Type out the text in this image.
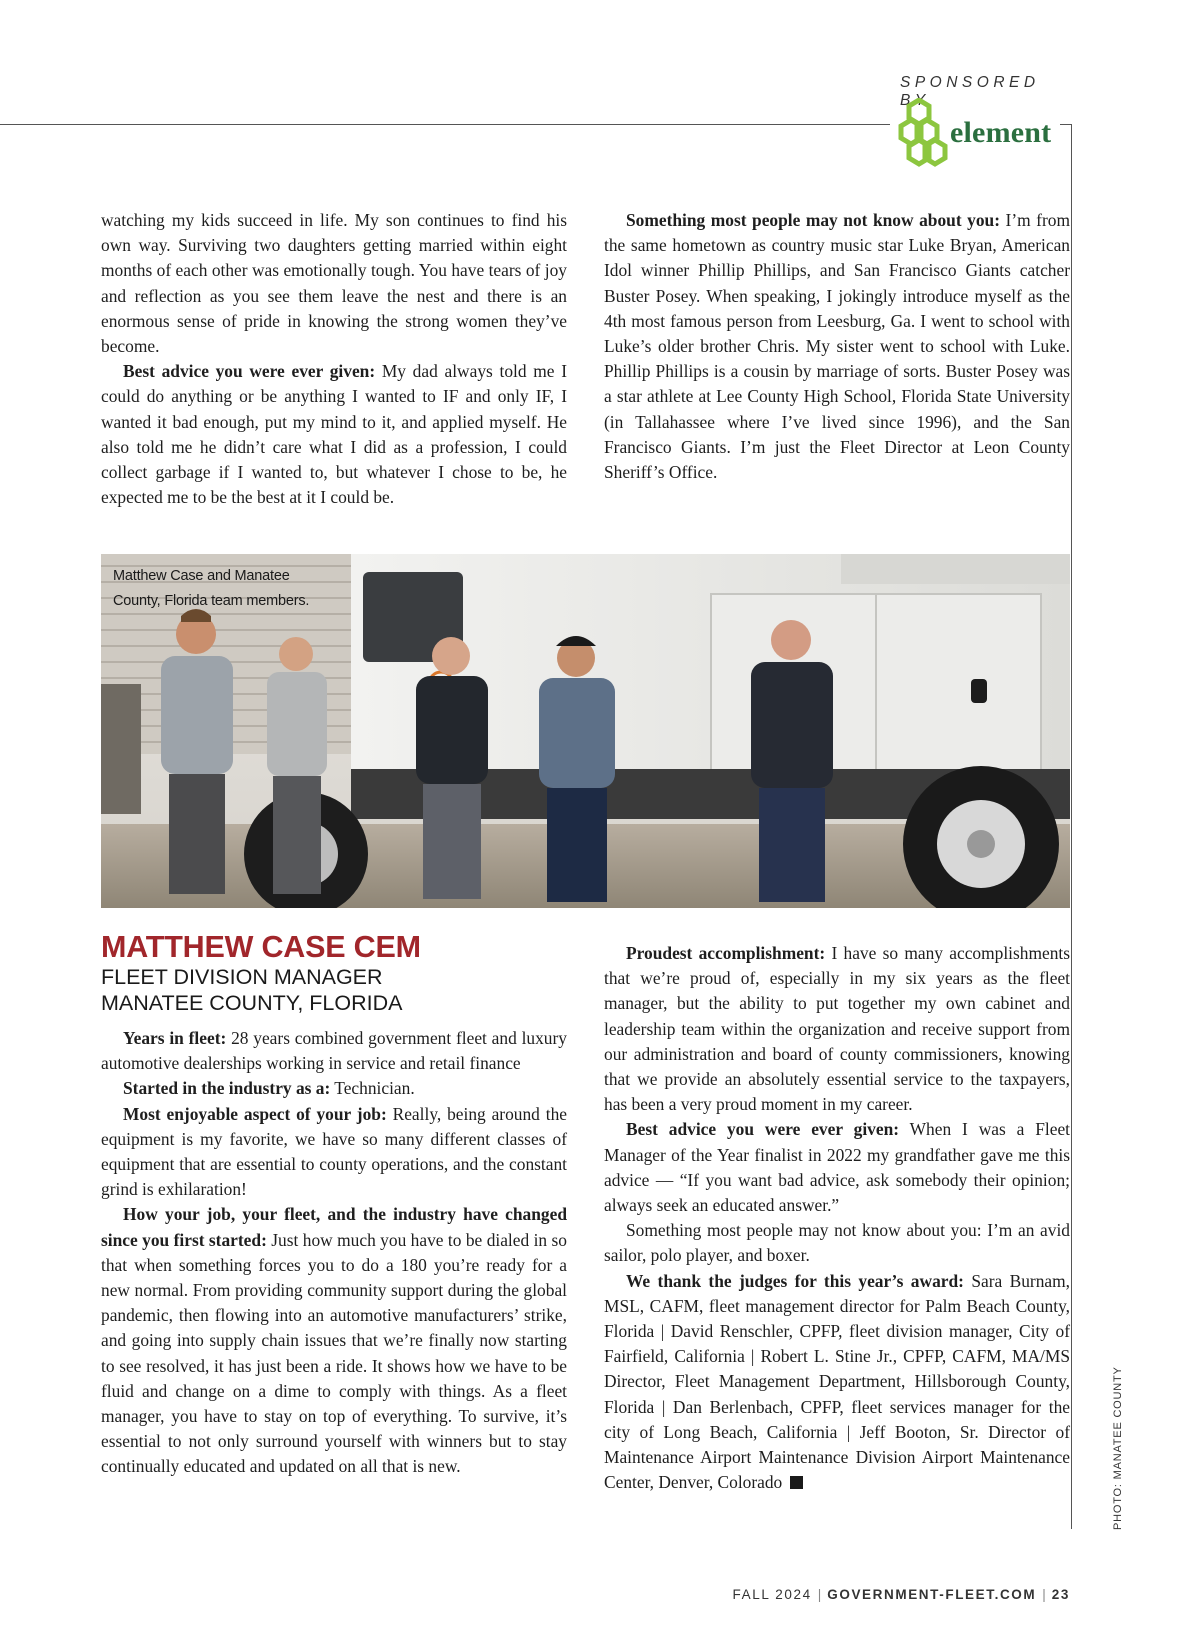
SPONSORED BY
element

watching my kids succeed in life. My son continues to find his own way. Surviving two daughters getting married within eight months of each other was emotionally tough. You have tears of joy and reflection as you see them leave the nest and there is an enormous sense of pride in knowing the strong women they’ve become.

Best advice you were ever given: My dad always told me I could do anything or be anything I wanted to IF and only IF, I wanted it bad enough, put my mind to it, and applied myself. He also told me he didn’t care what I did as a profession, I could collect garbage if I wanted to, but whatever I chose to be, he expected me to be the best at it I could be.

Something most people may not know about you: I’m from the same hometown as country music star Luke Bryan, American Idol winner Phillip Phillips, and San Francisco Giants catcher Buster Posey. When speaking, I jokingly introduce myself as the 4th most famous person from Leesburg, Ga. I went to school with Luke’s older brother Chris. My sister went to school with Luke. Phillip Phillips is a cousin by marriage of sorts. Buster Posey was a star athlete at Lee County High School, Florida State University (in Tallahassee where I’ve lived since 1996), and the San Francisco Giants. I’m just the Fleet Director at Leon County Sheriff’s Office.

Matthew Case and Manatee County, Florida team members.
MATTHEW CASE CEM
FLEET DIVISION MANAGER
MANATEE COUNTY, FLORIDA

Years in fleet: 28 years combined government fleet and luxury automotive dealerships working in service and retail finance

Started in the industry as a: Technician.

Most enjoyable aspect of your job: Really, being around the equipment is my favorite, we have so many different classes of equipment that are essential to county operations, and the constant grind is exhilaration!

How your job, your fleet, and the industry have changed since you first started: Just how much you have to be dialed in so that when something forces you to do a 180 you’re ready for a new normal. From providing community support during the global pandemic, then flowing into an automotive manufacturers’ strike, and going into supply chain issues that we’re finally now starting to see resolved, it has just been a ride. It shows how we have to be fluid and change on a dime to comply with things. As a fleet manager, you have to stay on top of everything. To survive, it’s essential to not only surround yourself with winners but to stay continually educated and updated on all that is new.

Proudest accomplishment: I have so many accomplishments that we’re proud of, especially in my six years as the fleet manager, but the ability to put together my own cabinet and leadership team within the organization and receive support from our administration and board of county commissioners, knowing that we provide an absolutely essential service to the taxpayers, has been a very proud moment in my career.

Best advice you were ever given: When I was a Fleet Manager of the Year finalist in 2022 my grandfather gave me this advice — “If you want bad advice, ask somebody their opinion; always seek an educated answer.”

Something most people may not know about you: I’m an avid sailor, polo player, and boxer.

We thank the judges for this year’s award: Sara Burnam, MSL, CAFM, fleet management director for Palm Beach County, Florida | David Renschler, CPFP, fleet division manager, City of Fairfield, California | Robert L. Stine Jr., CPFP, CAFM, MA/MS Director, Fleet Management Department, Hillsborough County, Florida | Dan Berlenbach, CPFP, fleet services manager for the city of Long Beach, California | Jeff Booton, Sr. Director of Maintenance Airport Maintenance Division Airport Maintenance Center, Denver, Colorado	PHOTO: MANATEE COUNTY
FALL 2024 | GOVERNMENT-FLEET.COM | 23
